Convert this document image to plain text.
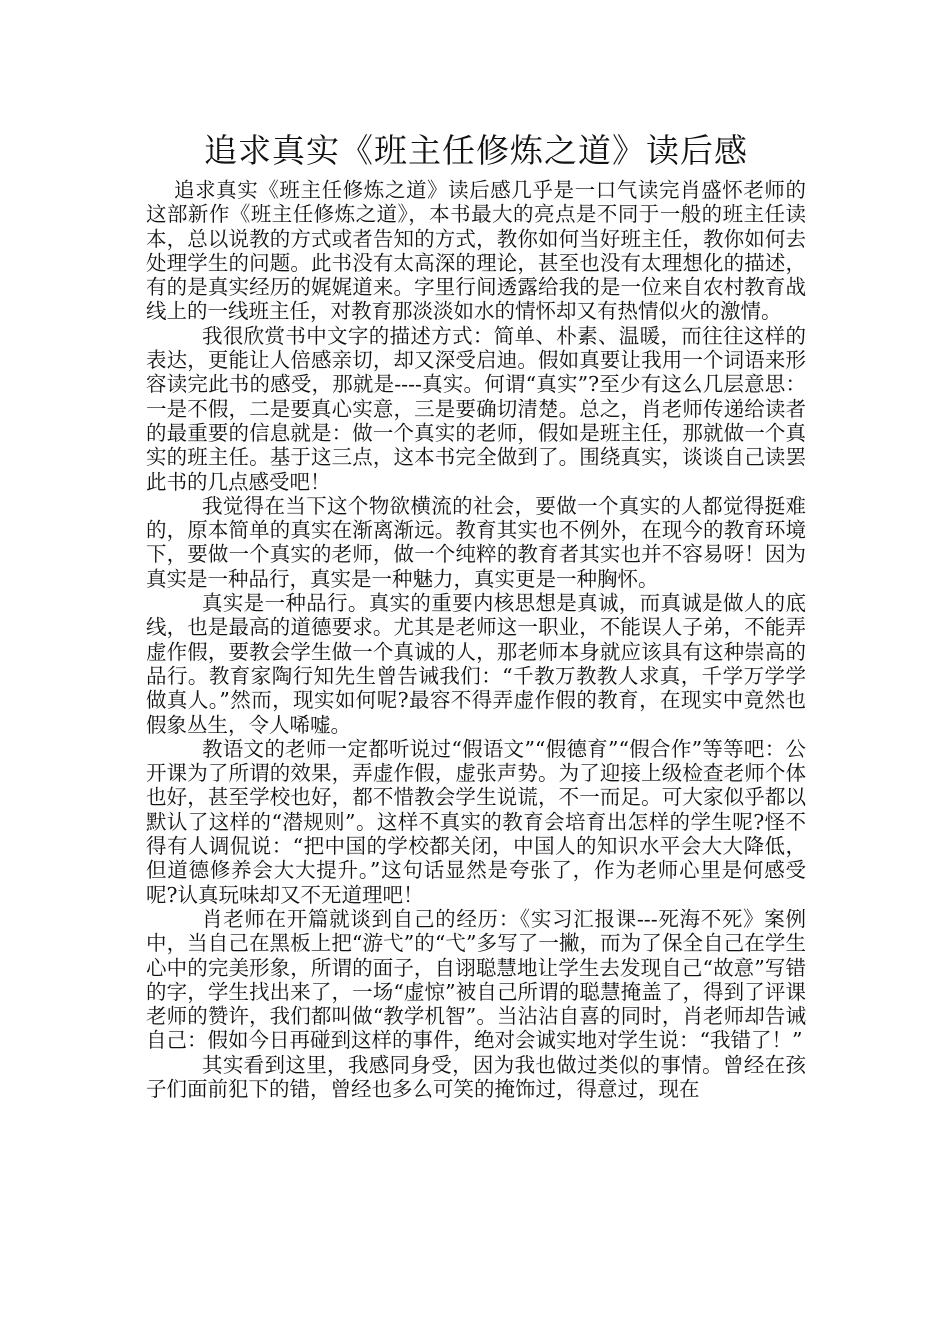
追求真实《班主任修炼之道》读后感

追求真实《班主任修炼之道》读后感几乎是一口气读完肖盛怀老师的这部新作《班主任修炼之道》，本书最大的亮点是不同于一般的班主任读本，总以说教的方式或者告知的方式，教你如何当好班主任，教你如何去处理学生的问题。此书没有太高深的理论，甚至也没有太理想化的描述，有的是真实经历的娓娓道来。字里行间透露给我的是一位来自农村教育战线上的一线班主任，对教育那淡淡如水的情怀却又有热情似火的激情。

我很欣赏书中文字的描述方式：简单、朴素、温暖，而往往这样的表达，更能让人倍感亲切，却又深受启迪。假如真要让我用一个词语来形容读完此书的感受，那就是----真实。何谓“真实”?至少有这么几层意思：一是不假，二是要真心实意，三是要确切清楚。总之，肖老师传递给读者的最重要的信息就是：做一个真实的老师，假如是班主任，那就做一个真实的班主任。基于这三点，这本书完全做到了。围绕真实，谈谈自己读罢此书的几点感受吧！

我觉得在当下这个物欲横流的社会，要做一个真实的人都觉得挺难的，原本简单的真实在渐离渐远。教育其实也不例外，在现今的教育环境下，要做一个真实的老师，做一个纯粹的教育者其实也并不容易呀！因为真实是一种品行，真实是一种魅力，真实更是一种胸怀。

真实是一种品行。真实的重要内核思想是真诚，而真诚是做人的底线，也是最高的道德要求。尤其是老师这一职业，不能误人子弟，不能弄虚作假，要教会学生做一个真诚的人，那老师本身就应该具有这种崇高的品行。教育家陶行知先生曾告诫我们：“千教万教教人求真，千学万学学做真人。”然而，现实如何呢?最容不得弄虚作假的教育，在现实中竟然也假象丛生，令人唏嘘。

教语文的老师一定都听说过“假语文”“假德育”“假合作”等等吧：公开课为了所谓的效果，弄虚作假，虚张声势。为了迎接上级检查老师个体也好，甚至学校也好，都不惜教会学生说谎，不一而足。可大家似乎都以默认了这样的“潜规则”。这样不真实的教育会培育出怎样的学生呢?怪不得有人调侃说：“把中国的学校都关闭，中国人的知识水平会大大降低，但道德修养会大大提升。”这句话显然是夸张了，作为老师心里是何感受呢?认真玩味却又不无道理吧！

肖老师在开篇就谈到自己的经历：《实习汇报课---死海不死》案例中，当自己在黑板上把“游弋”的“弋”多写了一撇，而为了保全自己在学生心中的完美形象，所谓的面子，自诩聪慧地让学生去发现自己“故意”写错的字，学生找出来了，一场“虚惊”被自己所谓的聪慧掩盖了，得到了评课老师的赞许，我们都叫做“教学机智”。当沾沾自喜的同时，肖老师却告诫自己：假如今日再碰到这样的事件，绝对会诚实地对学生说：“我错了！”

其实看到这里，我感同身受，因为我也做过类似的事情。曾经在孩子们面前犯下的错，曾经也多么可笑的掩饰过，得意过，现在
